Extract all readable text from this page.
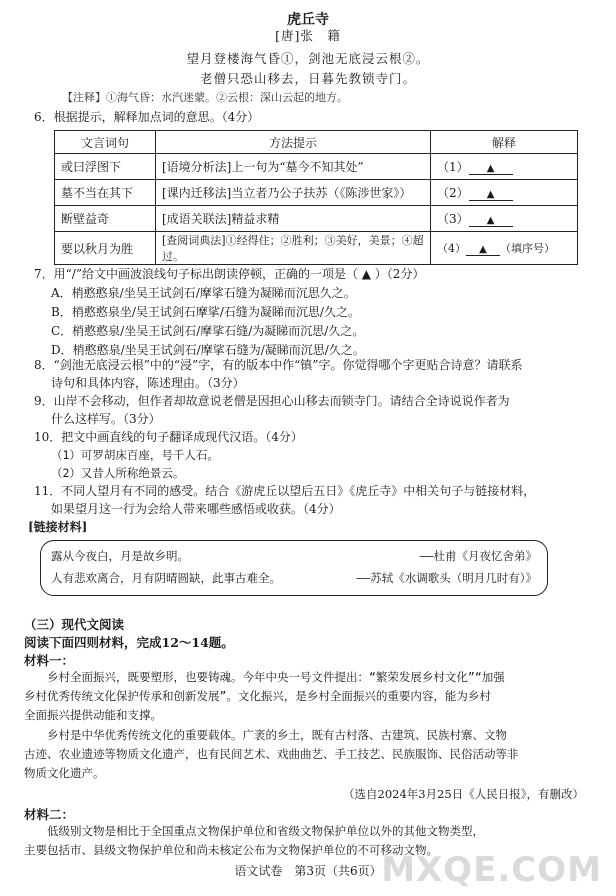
虎丘寺
[唐]张　籍
望月登楼海气昏①，剑池无底浸云根②。
老僧只恐山移去，日暮先教锁寺门。
【注释】①海气昏：水汽迷蒙。②云根：深山云起的地方。
6．根据提示，解释加点词的意思。（4分）
文言词句	方法提示	解释
或曰浮图下	[语境分析法]上一句为“墓今不知其处”	（1） ▲
墓不当在其下	[课内迁移法]当立者乃公子扶苏（《陈涉世家》）	（2） ▲
断壁益奇	[成语关联法]精益求精	（3） ▲
要以秋月为胜	[查阅词典法]①经得住；②胜利；③美好，美景；④超过。	（4） ▲ （填序号）
7．用“/”给文中画波浪线句子标出朗读停顿，正确的一项是（ ▲ ）（2分）
A．梢憨憨泉/坐吴王试剑石/摩挲石缝为凝睇而沉思久之。
B．梢憨憨泉坐/吴王试剑石摩挲/石缝为凝睇而沉思/久之。
C．梢憨憨泉/坐吴王试剑石/摩挲石缝/为凝睇而沉思/久之。
D．梢憨憨泉/坐吴王试剑石/摩挲石缝为/凝睇而沉思/久之。
8．“剑池无底浸云根”中的“浸”字，有的版本中作“镇”字。你觉得哪个字更贴合诗意？请联系
诗句和具体内容，陈述理由。（3分）
9．山岸不会移动，但作者却故意说老僧是因担心山移去而锁寺门。请结合全诗说说作者为
什么这样写。（3分）
10．把文中画直线的句子翻译成现代汉语。（4分）
（1）可罗胡床百座，号千人石。
（2）又昔人所称绝景云。
11．不同人望月有不同的感受。结合《游虎丘以望后五日》《虎丘寺》中相关句子与链接材料，
如果望月这一行为会给人带来哪些感悟或收获。（4分）
[链接材料]
露从今夜白，月是故乡明。	——杜甫《月夜忆舍弟》
人有悲欢离合，月有阴晴圆缺，此事古难全。	——苏轼《水调歌头（明月几时有）》
（三）现代文阅读
阅读下面四则材料，完成12～14题。
材料一：
　　乡村全面振兴，既要塑形，也要铸魂。今年中央一号文件提出：“繁荣发展乡村文化”“加强
乡村优秀传统文化保护传承和创新发展”。文化振兴，是乡村全面振兴的重要内容，能为乡村
全面振兴提供动能和支撑。
　　乡村是中华优秀传统文化的重要载体。广袤的乡土，既有古村落、古建筑、民族村寨、文物
古迹、农业遗迹等物质文化遗产，也有民间艺术、戏曲曲艺、手工技艺、民族服饰、民俗活动等非
物质文化遗产。
（选自2024年3月25日《人民日报》，有删改）
材料二：
　　低级别文物是相比于全国重点文物保护单位和省级文物保护单位以外的其他文物类型，
主要包括市、县级文物保护单位和尚未核定公布为文物保护单位的不可移动文物。
语文试卷　第3页（共6页） MXQE.COM
